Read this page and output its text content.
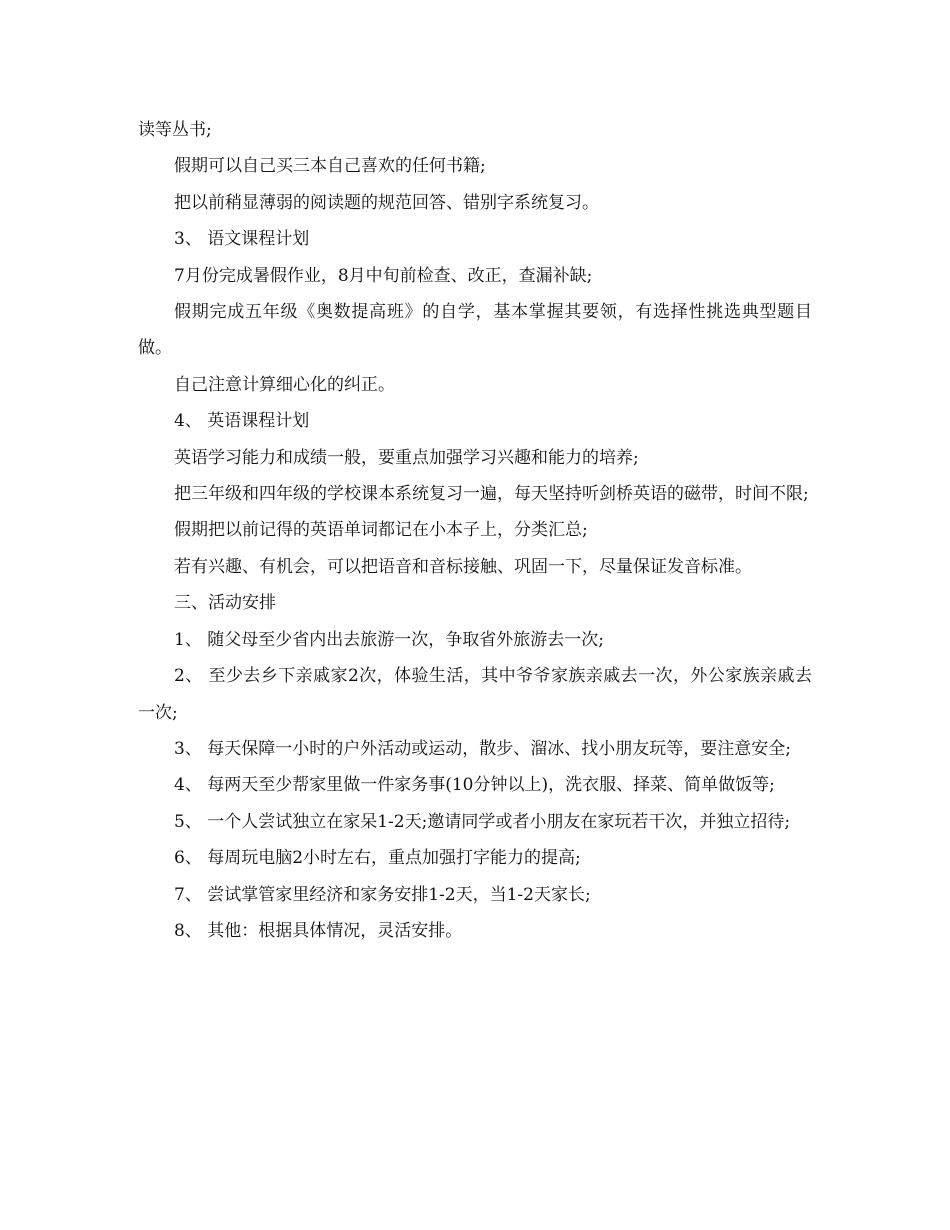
读等丛书;

假期可以自己买三本自己喜欢的任何书籍;

把以前稍显薄弱的阅读题的规范回答、错别字系统复习。

3、 语文课程计划

7月份完成暑假作业，8月中旬前检查、改正，查漏补缺;

假期完成五年级《奥数提高班》的自学，基本掌握其要领，有选择性挑选典型题目做。

自己注意计算细心化的纠正。

4、 英语课程计划

英语学习能力和成绩一般，要重点加强学习兴趣和能力的培养;

把三年级和四年级的学校课本系统复习一遍，每天坚持听剑桥英语的磁带，时间不限;

假期把以前记得的英语单词都记在小本子上，分类汇总;

若有兴趣、有机会，可以把语音和音标接触、巩固一下，尽量保证发音标准。

三、活动安排

1、 随父母至少省内出去旅游一次，争取省外旅游去一次;

2、 至少去乡下亲戚家2次，体验生活，其中爷爷家族亲戚去一次，外公家族亲戚去一次;

3、 每天保障一小时的户外活动或运动，散步、溜冰、找小朋友玩等，要注意安全;

4、 每两天至少帮家里做一件家务事(10分钟以上)，洗衣服、择菜、简单做饭等;

5、 一个人尝试独立在家呆1-2天;邀请同学或者小朋友在家玩若干次，并独立招待;

6、 每周玩电脑2小时左右，重点加强打字能力的提高;

7、 尝试掌管家里经济和家务安排1-2天，当1-2天家长;

8、 其他：根据具体情况，灵活安排。
